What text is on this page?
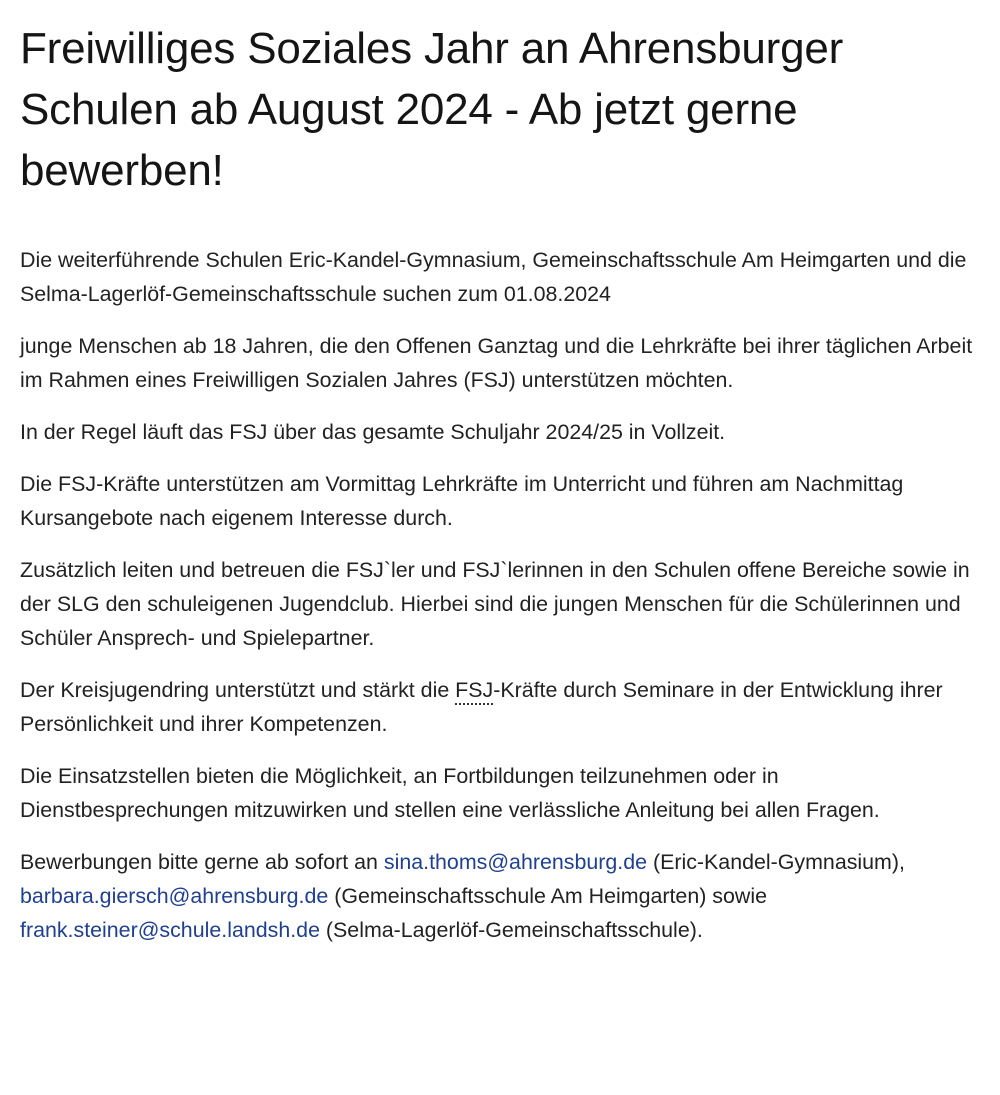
Freiwilliges Soziales Jahr an Ahrensburger Schulen ab August 2024 - Ab jetzt gerne bewerben!

Die weiterführende Schulen Eric-Kandel-Gymnasium, Gemeinschaftsschule Am Heimgarten und die Selma-Lagerlöf-Gemeinschaftsschule suchen zum 01.08.2024

junge Menschen ab 18 Jahren, die den Offenen Ganztag und die Lehrkräfte bei ihrer täglichen Arbeit im Rahmen eines Freiwilligen Sozialen Jahres (FSJ) unterstützen möchten.

In der Regel läuft das FSJ über das gesamte Schuljahr 2024/25 in Vollzeit.

Die FSJ-Kräfte unterstützen am Vormittag Lehrkräfte im Unterricht und führen am Nachmittag Kursangebote nach eigenem Interesse durch.

Zusätzlich leiten und betreuen die FSJ`ler und FSJ`lerinnen in den Schulen offene Bereiche sowie in der SLG den schuleigenen Jugendclub. Hierbei sind die jungen Menschen für die Schülerinnen und Schüler Ansprech- und Spielepartner.

Der Kreisjugendring unterstützt und stärkt die FSJ-Kräfte durch Seminare in der Entwicklung ihrer Persönlichkeit und ihrer Kompetenzen.

Die Einsatzstellen bieten die Möglichkeit, an Fortbildungen teilzunehmen oder in Dienstbesprechungen mitzuwirken und stellen eine verlässliche Anleitung bei allen Fragen.

Bewerbungen bitte gerne ab sofort an sina.thoms@ahrensburg.de (Eric-Kandel-Gymnasium), barbara.giersch@ahrensburg.de (Gemeinschaftsschule Am Heimgarten) sowie frank.steiner@schule.landsh.de (Selma-Lagerlöf-Gemeinschaftsschule).
